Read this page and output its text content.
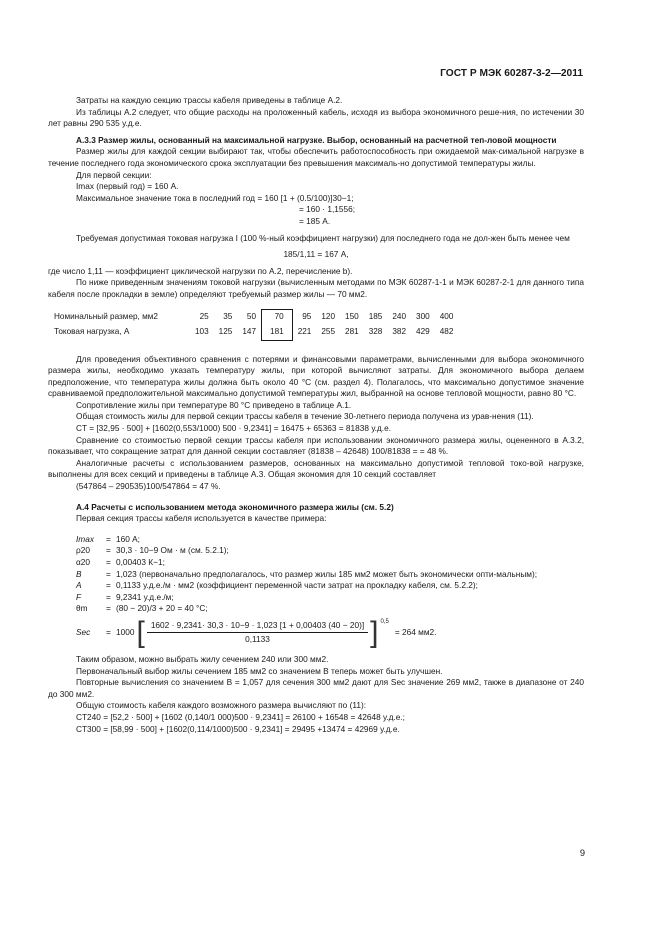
ГОСТ Р МЭК 60287-3-2—2011

Затраты на каждую секцию трассы кабеля приведены в таблице А.2.

Из таблицы А.2 следует, что общие расходы на проложенный кабель, исходя из выбора экономичного реше-ния, по истечении 30 лет равны 290 535 у.д.е.

А.3.3 Размер жилы, основанный на максимальной нагрузке. Выбор, основанный на расчетной теп-ловой мощности

Размер жилы для каждой секции выбирают так, чтобы обеспечить работоспособность при ожидаемой мак-симальной нагрузке в течение последнего года экономического срока эксплуатации без превышения максималь-но допустимой температуры жилы.

Для первой секции:

Imax (первый год) = 160 А.

Максимальное значение тока в последний год = 160 [1 + (0.5/100)]30−1;

= 160 · 1,1556;

= 185 А.

Требуемая допустимая токовая нагрузка I (100 %-ный коэффициент нагрузки) для последнего года не дол-жен быть менее чем

185/1,11 = 167 А,

где число 1,11 — коэффициент циклической нагрузки по А.2, перечисление b).

По ниже приведенным значениям токовой нагрузки (вычисленным методами по МЭК 60287-1-1 и МЭК 60287-2-1 для данного типа кабеля после прокладки в земле) определяют требуемый размер жилы — 70 мм2.

Номинальный размер, мм2	25	35	50	70	95	120	150	185	240	300	400
Токовая нагрузка, А	103	125	147	181	221	255	281	328	382	429	482

Для проведения объективного сравнения с потерями и финансовыми параметрами, вычисленными для выбора экономичного размера жилы, необходимо указать температуру жилы, при которой вычисляют затраты. Для экономичного выбора делаем предположение, что температура жилы должна быть около 40 °С (см. раздел 4). Полагалось, что максимально допустимое значение сравниваемой предположительной максимально допустимой температуры жил, выбранной на основе тепловой мощности, равно 80 °С.

Сопротивление жилы при температуре 80 °С приведено в таблице А.1.

Общая стоимость жилы для первой секции трассы кабеля в течение 30-летнего периода получена из урав-нения (11).

CT = [32,95 · 500] + [1602(0,553/1000) 500 · 9,2341] = 16475 + 65363 = 81838 у.д.е.

Сравнение со стоимостью первой секции трассы кабеля при использовании экономичного размера жилы, оцененного в А.3.2, показывает, что сокращение затрат для данной секции составляет (81838 – 42648) 100/81838 = = 48 %.

Аналогичные расчеты с использованием размеров, основанных на максимально допустимой тепловой токо-вой нагрузке, выполнены для всех секций и приведены в таблице А.3. Общая экономия для 10 секций составляет

(547864 – 290535)100/547864 = 47 %.

А.4 Расчеты с использованием метода экономичного размера жилы (см. 5.2)

Первая секция трассы кабеля используется в качестве примера:

Imax	= 160 А;
ρ20	= 30,3 · 10−9 Ом · м (см. 5.2.1);
α20	= 0,00403 К−1;
B	= 1,023 (первоначально предполагалось, что размер жилы 185 мм2 может быть экономически опти-мальным);
A	= 0,1133 у.д.е./м · мм2 (коэффициент переменной части затрат на прокладку кабеля, см. 5.2.2);
F	= 9,2341 у.д.е./м;
θm	= (80 − 20)/3 + 20 = 40 °С;
Sec	= 1000 [ $\frac{1602 \cdot 9,2341\cdot 30,3 \cdot 10-9 \cdot 1,023 [1 + 0,00403 (40 - 20)]}{0,1133}$ ] 0,5
= 264 мм2.

Таким образом, можно выбрать жилу сечением 240 или 300 мм2.

Первоначальный выбор жилы сечением 185 мм2 со значением B теперь может быть улучшен.

Повторные вычисления со значением B = 1,057 для сечения 300 мм2 дают для Sec значение 269 мм2, также в диапазоне от 240 до 300 мм2.

Общую стоимость кабеля каждого возможного размера вычисляют по (11):

CT240 = [52,2 · 500] + [1602 (0,140/1 000)500 · 9,2341] = 26100 + 16548 = 42648 у.д.е.;

CT300 = [58,99 · 500] + [1602(0,114/1000)500 · 9,2341] = 29495 +13474 = 42969 у.д.е.

9
